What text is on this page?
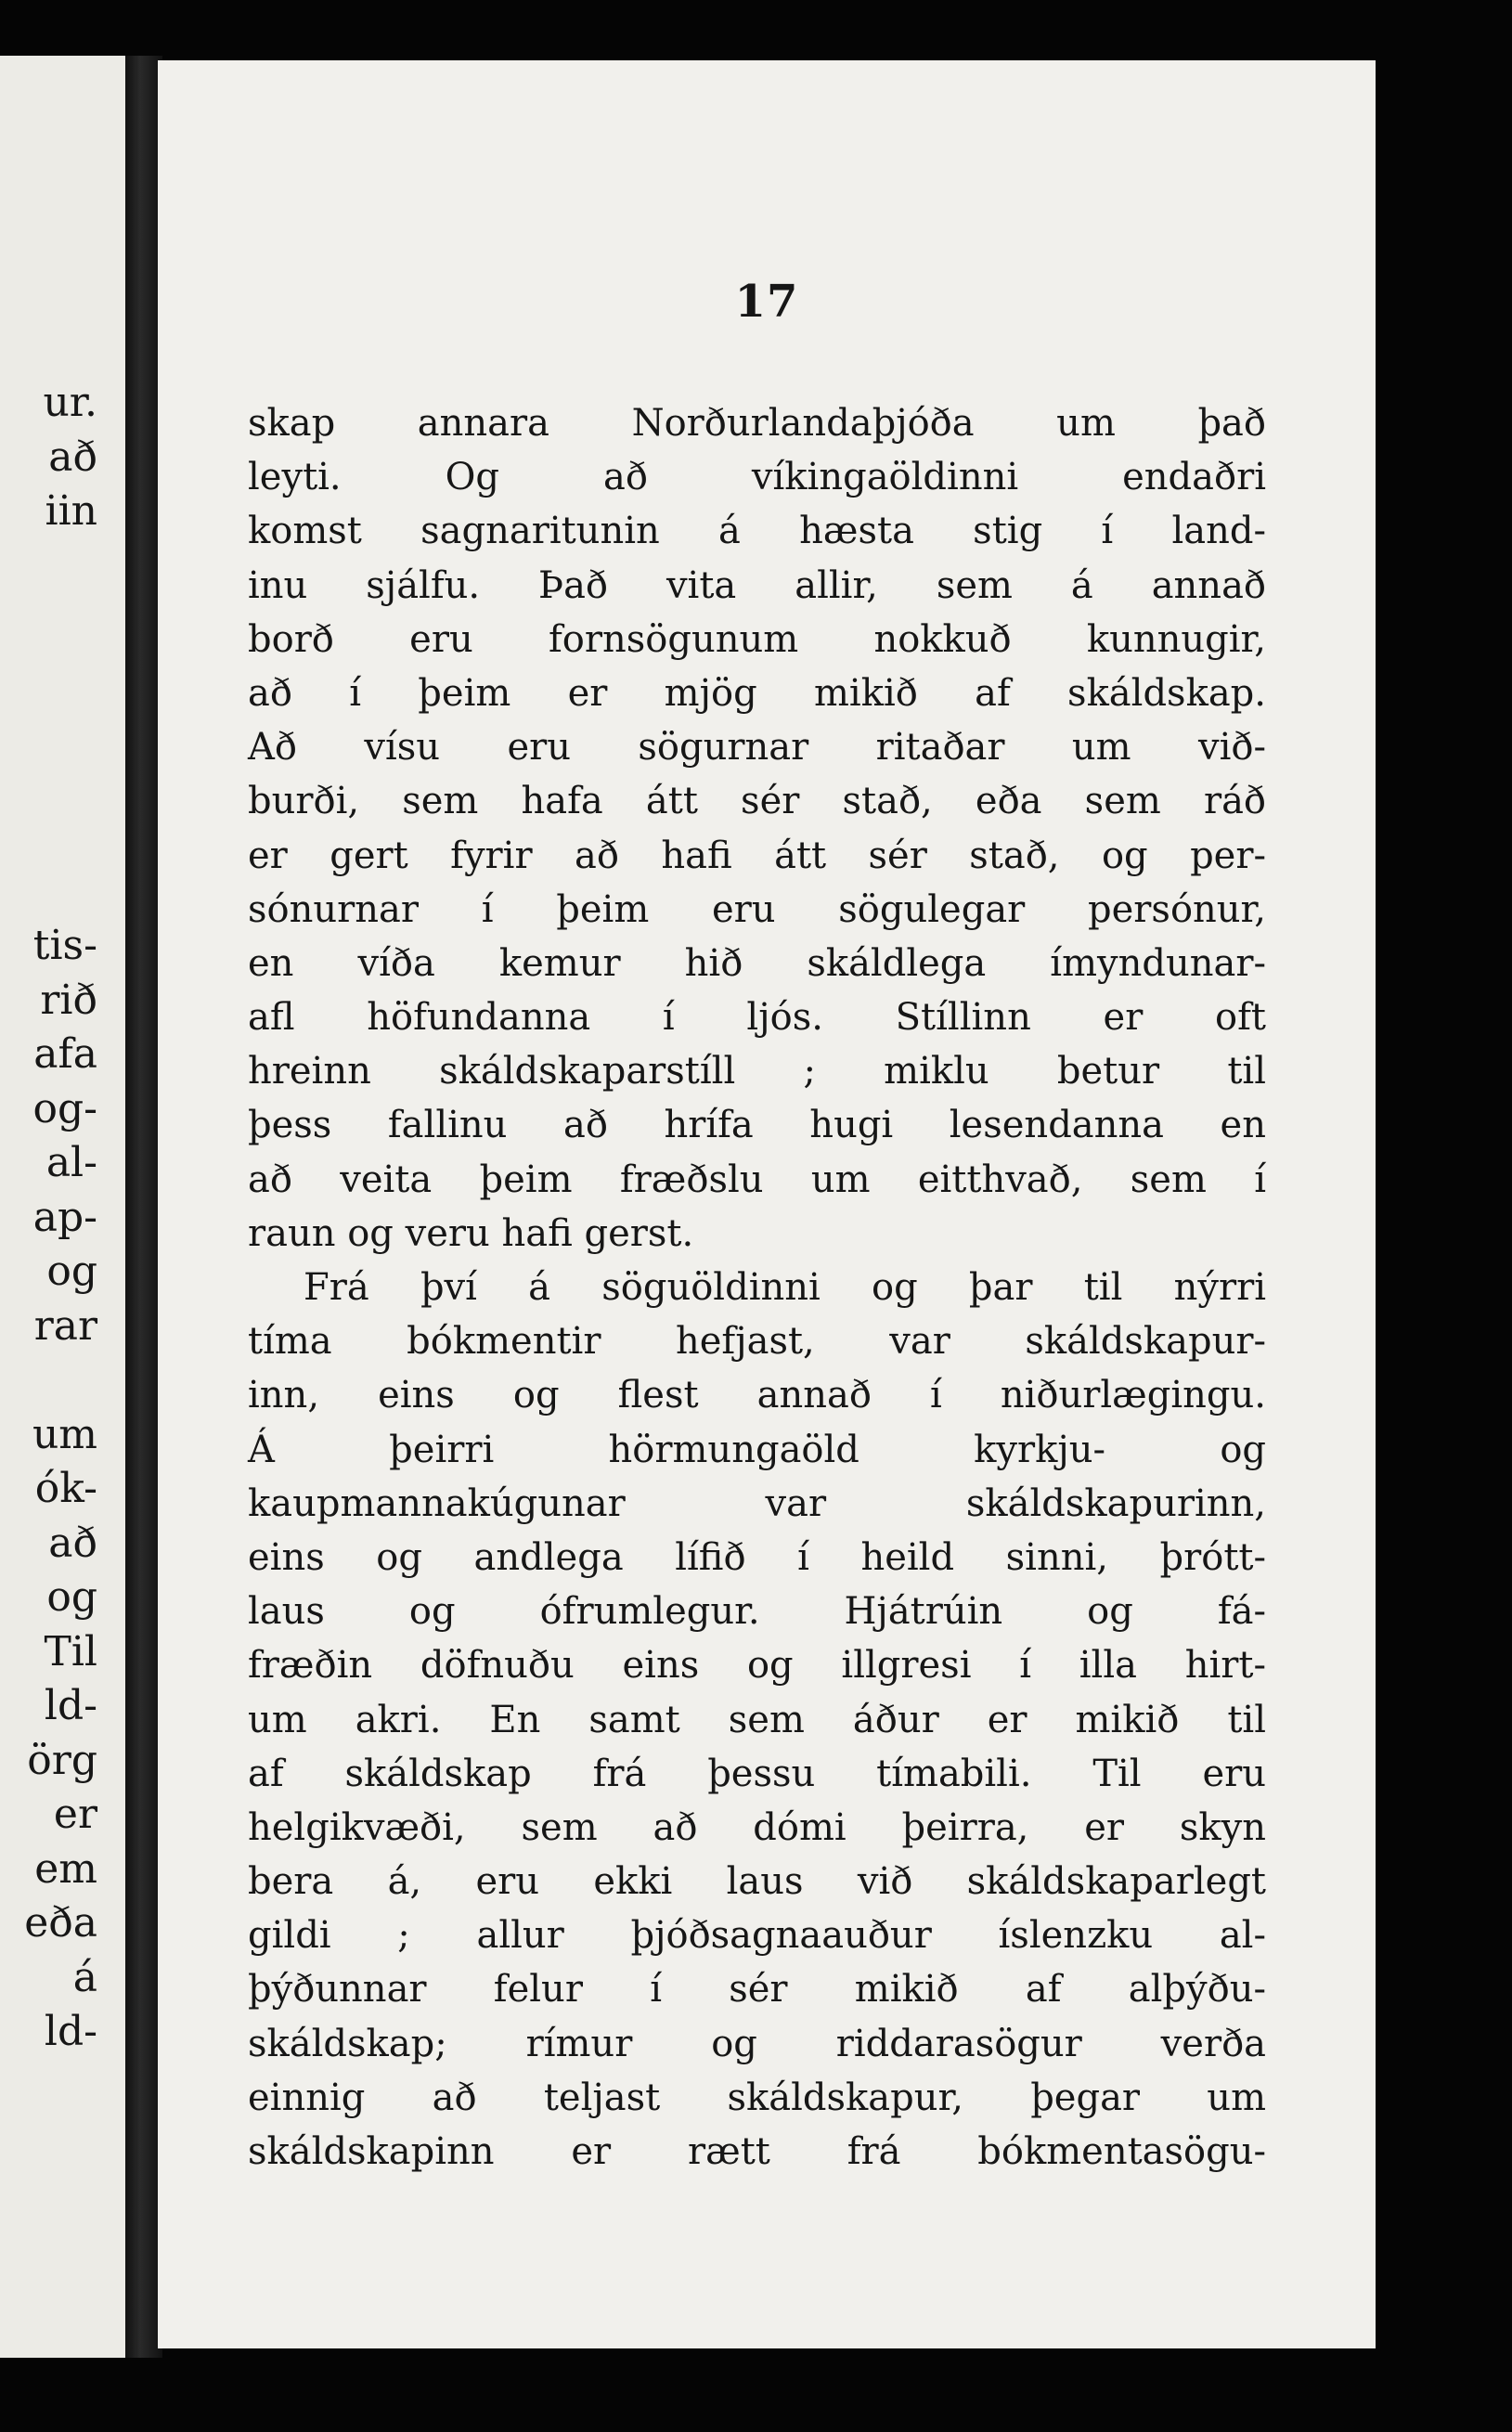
ur.
að
iin
tis-
rið
afa
og-
al-
ap-
og
rar
um
ók-
að
og
Til
ld-
örg
er
em
eða
á
ld-
17
skap annara Norðurlandaþjóða um það
leyti. Og að víkingaöldinni endaðri
komst sagnaritunin á hæsta stig í land-
inu sjálfu. Það vita allir, sem á annað
borð eru fornsögunum nokkuð kunnugir,
að í þeim er mjög mikið af skáldskap.
Að vísu eru sögurnar ritaðar um við-
burði, sem hafa átt sér stað, eða sem ráð
er gert fyrir að hafi átt sér stað, og per-
sónurnar í þeim eru sögulegar persónur,
en víða kemur hið skáldlega ímyndunar-
afl höfundanna í ljós. Stíllinn er oft
hreinn skáldskaparstíll ; miklu betur til
þess fallinu að hrífa hugi lesendanna en
að veita þeim fræðslu um eitthvað, sem í
raun og veru hafi gerst.
Frá því á söguöldinni og þar til nýrri
tíma bókmentir hefjast, var skáldskapur-
inn, eins og flest annað í niðurlægingu.
Á þeirri hörmungaöld kyrkju- og
kaupmannakúgunar var skáldskapurinn,
eins og andlega lífið í heild sinni, þrótt-
laus og ófrumlegur. Hjátrúin og fá-
fræðin döfnuðu eins og illgresi í illa hirt-
um akri. En samt sem áður er mikið til
af skáldskap frá þessu tímabili. Til eru
helgikvæði, sem að dómi þeirra, er skyn
bera á, eru ekki laus við skáldskaparlegt
gildi ; allur þjóðsagnaauður íslenzku al-
þýðunnar felur í sér mikið af alþýðu-
skáldskap; rímur og riddarasögur verða
einnig að teljast skáldskapur, þegar um
skáldskapinn er rætt frá bókmentasögu-
